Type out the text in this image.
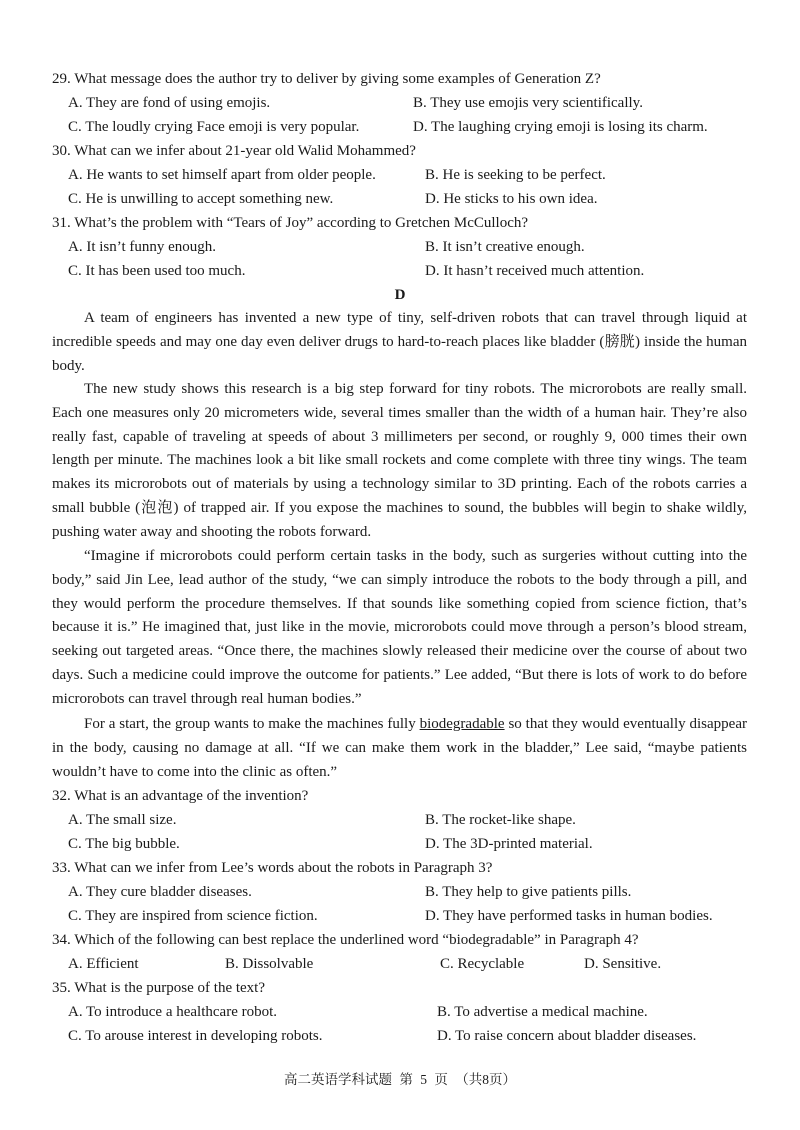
29. What message does the author try to deliver by giving some examples of Generation Z?
A. They are fond of using emojis.	B. They use emojis very scientifically.
C. The loudly crying Face emoji is very popular.	D. The laughing crying emoji is losing its charm.
30. What can we infer about 21-year old Walid Mohammed?
A. He wants to set himself apart from older people.	B. He is seeking to be perfect.
C. He is unwilling to accept something new.	D. He sticks to his own idea.
31. What’s the problem with “Tears of Joy” according to Gretchen McCulloch?
A. It isn’t funny enough.	B. It isn’t creative enough.
C. It has been used too much.	D. It hasn’t received much attention.
D
A team of engineers has invented a new type of tiny, self-driven robots that can travel through liquid at incredible speeds and may one day even deliver drugs to hard-to-reach places like bladder (膀胱) inside the human body.
The new study shows this research is a big step forward for tiny robots. The microrobots are really small. Each one measures only 20 micrometers wide, several times smaller than the width of a human hair. They’re also really fast, capable of traveling at speeds of about 3 millimeters per second, or roughly 9, 000 times their own length per minute. The machines look a bit like small rockets and come complete with three tiny wings. The team makes its microrobots out of materials by using a technology similar to 3D printing. Each of the robots carries a small bubble (泡泡) of trapped air. If you expose the machines to sound, the bubbles will begin to shake wildly, pushing water away and shooting the robots forward.
“Imagine if microrobots could perform certain tasks in the body, such as surgeries without cutting into the body,” said Jin Lee, lead author of the study, “we can simply introduce the robots to the body through a pill, and they would perform the procedure themselves. If that sounds like something copied from science fiction, that’s because it is.” He imagined that, just like in the movie, microrobots could move through a person’s blood stream, seeking out targeted areas. “Once there, the machines slowly released their medicine over the course of about two days. Such a medicine could improve the outcome for patients.” Lee added, “But there is lots of work to do before microrobots can travel through real human bodies.”
For a start, the group wants to make the machines fully biodegradable so that they would eventually disappear in the body, causing no damage at all. “If we can make them work in the bladder,” Lee said, “maybe patients wouldn’t have to come into the clinic as often.”
32. What is an advantage of the invention?
A. The small size.	B. The rocket-like shape.
C. The big bubble.	D. The 3D-printed material.
33. What can we infer from Lee’s words about the robots in Paragraph 3?
A. They cure bladder diseases.	B. They help to give patients pills.
C. They are inspired from science fiction.	D. They have performed tasks in human bodies.
34. Which of the following can best replace the underlined word “biodegradable” in Paragraph 4?
A. Efficient	B. Dissolvable	C. Recyclable	D. Sensitive.
35. What is the purpose of the text?
A. To introduce a healthcare robot.	B. To advertise a medical machine.
C. To arouse interest in developing robots.	D. To raise concern about bladder diseases.
高二英语学科试题 第 5 页 （共8页）
